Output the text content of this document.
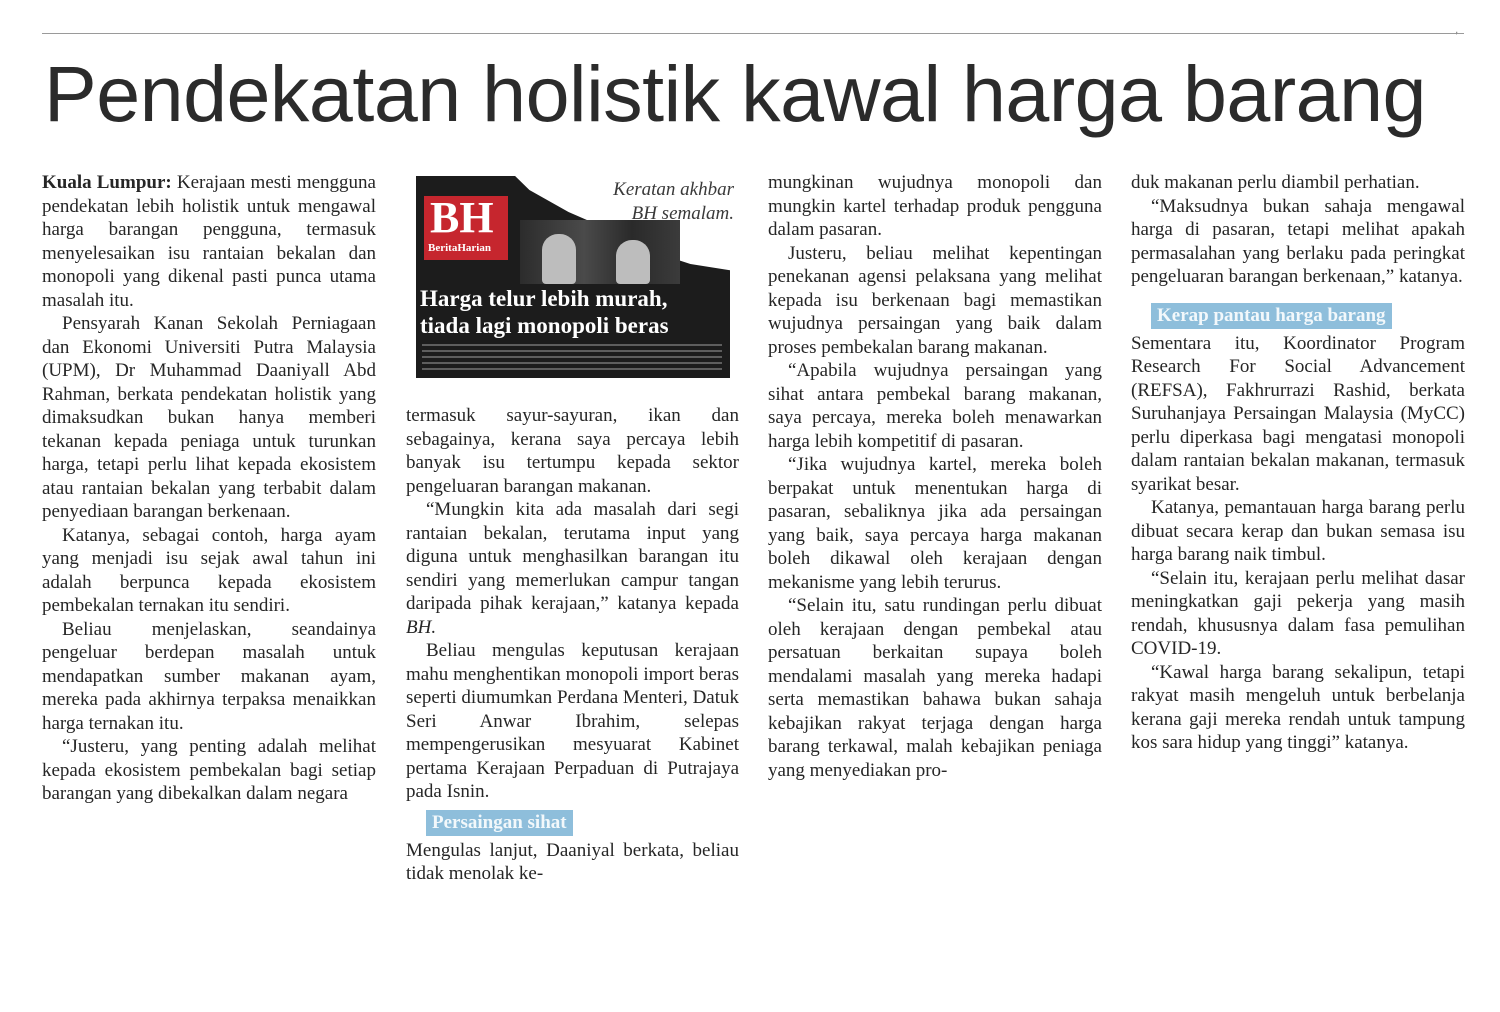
,
Pendekatan holistik kawal harga barang

Kuala Lumpur: Kerajaan mesti mengguna pendekatan lebih holistik untuk mengawal harga barangan pengguna, termasuk menyelesaikan isu rantaian bekalan dan monopoli yang dikenal pasti punca utama masalah itu.

Pensyarah Kanan Sekolah Perniagaan dan Ekonomi Universiti Putra Malaysia (UPM), Dr Muhammad Daaniyall Abd Rahman, berkata pendekatan holistik yang dimaksudkan bukan hanya memberi tekanan kepada peniaga untuk turunkan harga, tetapi perlu lihat kepada ekosistem atau rantaian bekalan yang terbabit dalam penyediaan barangan berkenaan.

Katanya, sebagai contoh, harga ayam yang menjadi isu sejak awal tahun ini adalah berpunca kepada ekosistem pembekalan ternakan itu sendiri.

Beliau menjelaskan, seandainya pengeluar berdepan masalah untuk mendapatkan sumber makanan ayam, mereka pada akhirnya terpaksa menaikkan harga ternakan itu.

“Justeru, yang penting adalah melihat kepada ekosistem pembekalan bagi setiap barangan yang dibekalkan dalam negara

BH
BeritaHarian
Harga telur lebih murah,
tiada lagi monopoli beras
Keratan akhbar BH semalam.

termasuk sayur-sayuran, ikan dan sebagainya, kerana saya percaya lebih banyak isu tertumpu kepada sektor pengeluaran barangan makanan.

“Mungkin kita ada masalah dari segi rantaian bekalan, terutama input yang diguna untuk menghasilkan barangan itu sendiri yang memerlukan campur tangan daripada pihak kerajaan,” katanya kepada BH.

Beliau mengulas keputusan kerajaan mahu menghentikan monopoli import beras seperti diumumkan Perdana Menteri, Datuk Seri Anwar Ibrahim, selepas mempengerusikan mesyuarat Kabinet pertama Kerajaan Perpaduan di Putrajaya pada Isnin.

Persaingan sihat

Mengulas lanjut, Daaniyal berkata, beliau tidak menolak ke-

mungkinan wujudnya monopoli dan mungkin kartel terhadap produk pengguna dalam pasaran.

Justeru, beliau melihat kepentingan penekanan agensi pelaksana yang melihat kepada isu berkenaan bagi memastikan wujudnya persaingan yang baik dalam proses pembekalan barang makanan.

“Apabila wujudnya persaingan yang sihat antara pembekal barang makanan, saya percaya, mereka boleh menawarkan harga lebih kompetitif di pasaran.

“Jika wujudnya kartel, mereka boleh berpakat untuk menentukan harga di pasaran, sebaliknya jika ada persaingan yang baik, saya percaya harga makanan boleh dikawal oleh kerajaan dengan mekanisme yang lebih terurus.

“Selain itu, satu rundingan perlu dibuat oleh kerajaan dengan pembekal atau persatuan berkaitan supaya boleh mendalami masalah yang mereka hadapi serta memastikan bahawa bukan sahaja kebajikan rakyat terjaga dengan harga barang terkawal, malah kebajikan peniaga yang menyediakan pro-

duk makanan perlu diambil perhatian.

“Maksudnya bukan sahaja mengawal harga di pasaran, tetapi melihat apakah permasalahan yang berlaku pada peringkat pengeluaran barangan berkenaan,” katanya.

Kerap pantau harga barang

Sementara itu, Koordinator Program Research For Social Advancement (REFSA), Fakhrurrazi Rashid, berkata Suruhanjaya Persaingan Malaysia (MyCC) perlu diperkasa bagi mengatasi monopoli dalam rantaian bekalan makanan, termasuk syarikat besar.

Katanya, pemantauan harga barang perlu dibuat secara kerap dan bukan semasa isu harga barang naik timbul.

“Selain itu, kerajaan perlu melihat dasar meningkatkan gaji pekerja yang masih rendah, khususnya dalam fasa pemulihan COVID-19.

“Kawal harga barang sekalipun, tetapi rakyat masih mengeluh untuk berbelanja kerana gaji mereka rendah untuk tampung kos sara hidup yang tinggi” katanya.
